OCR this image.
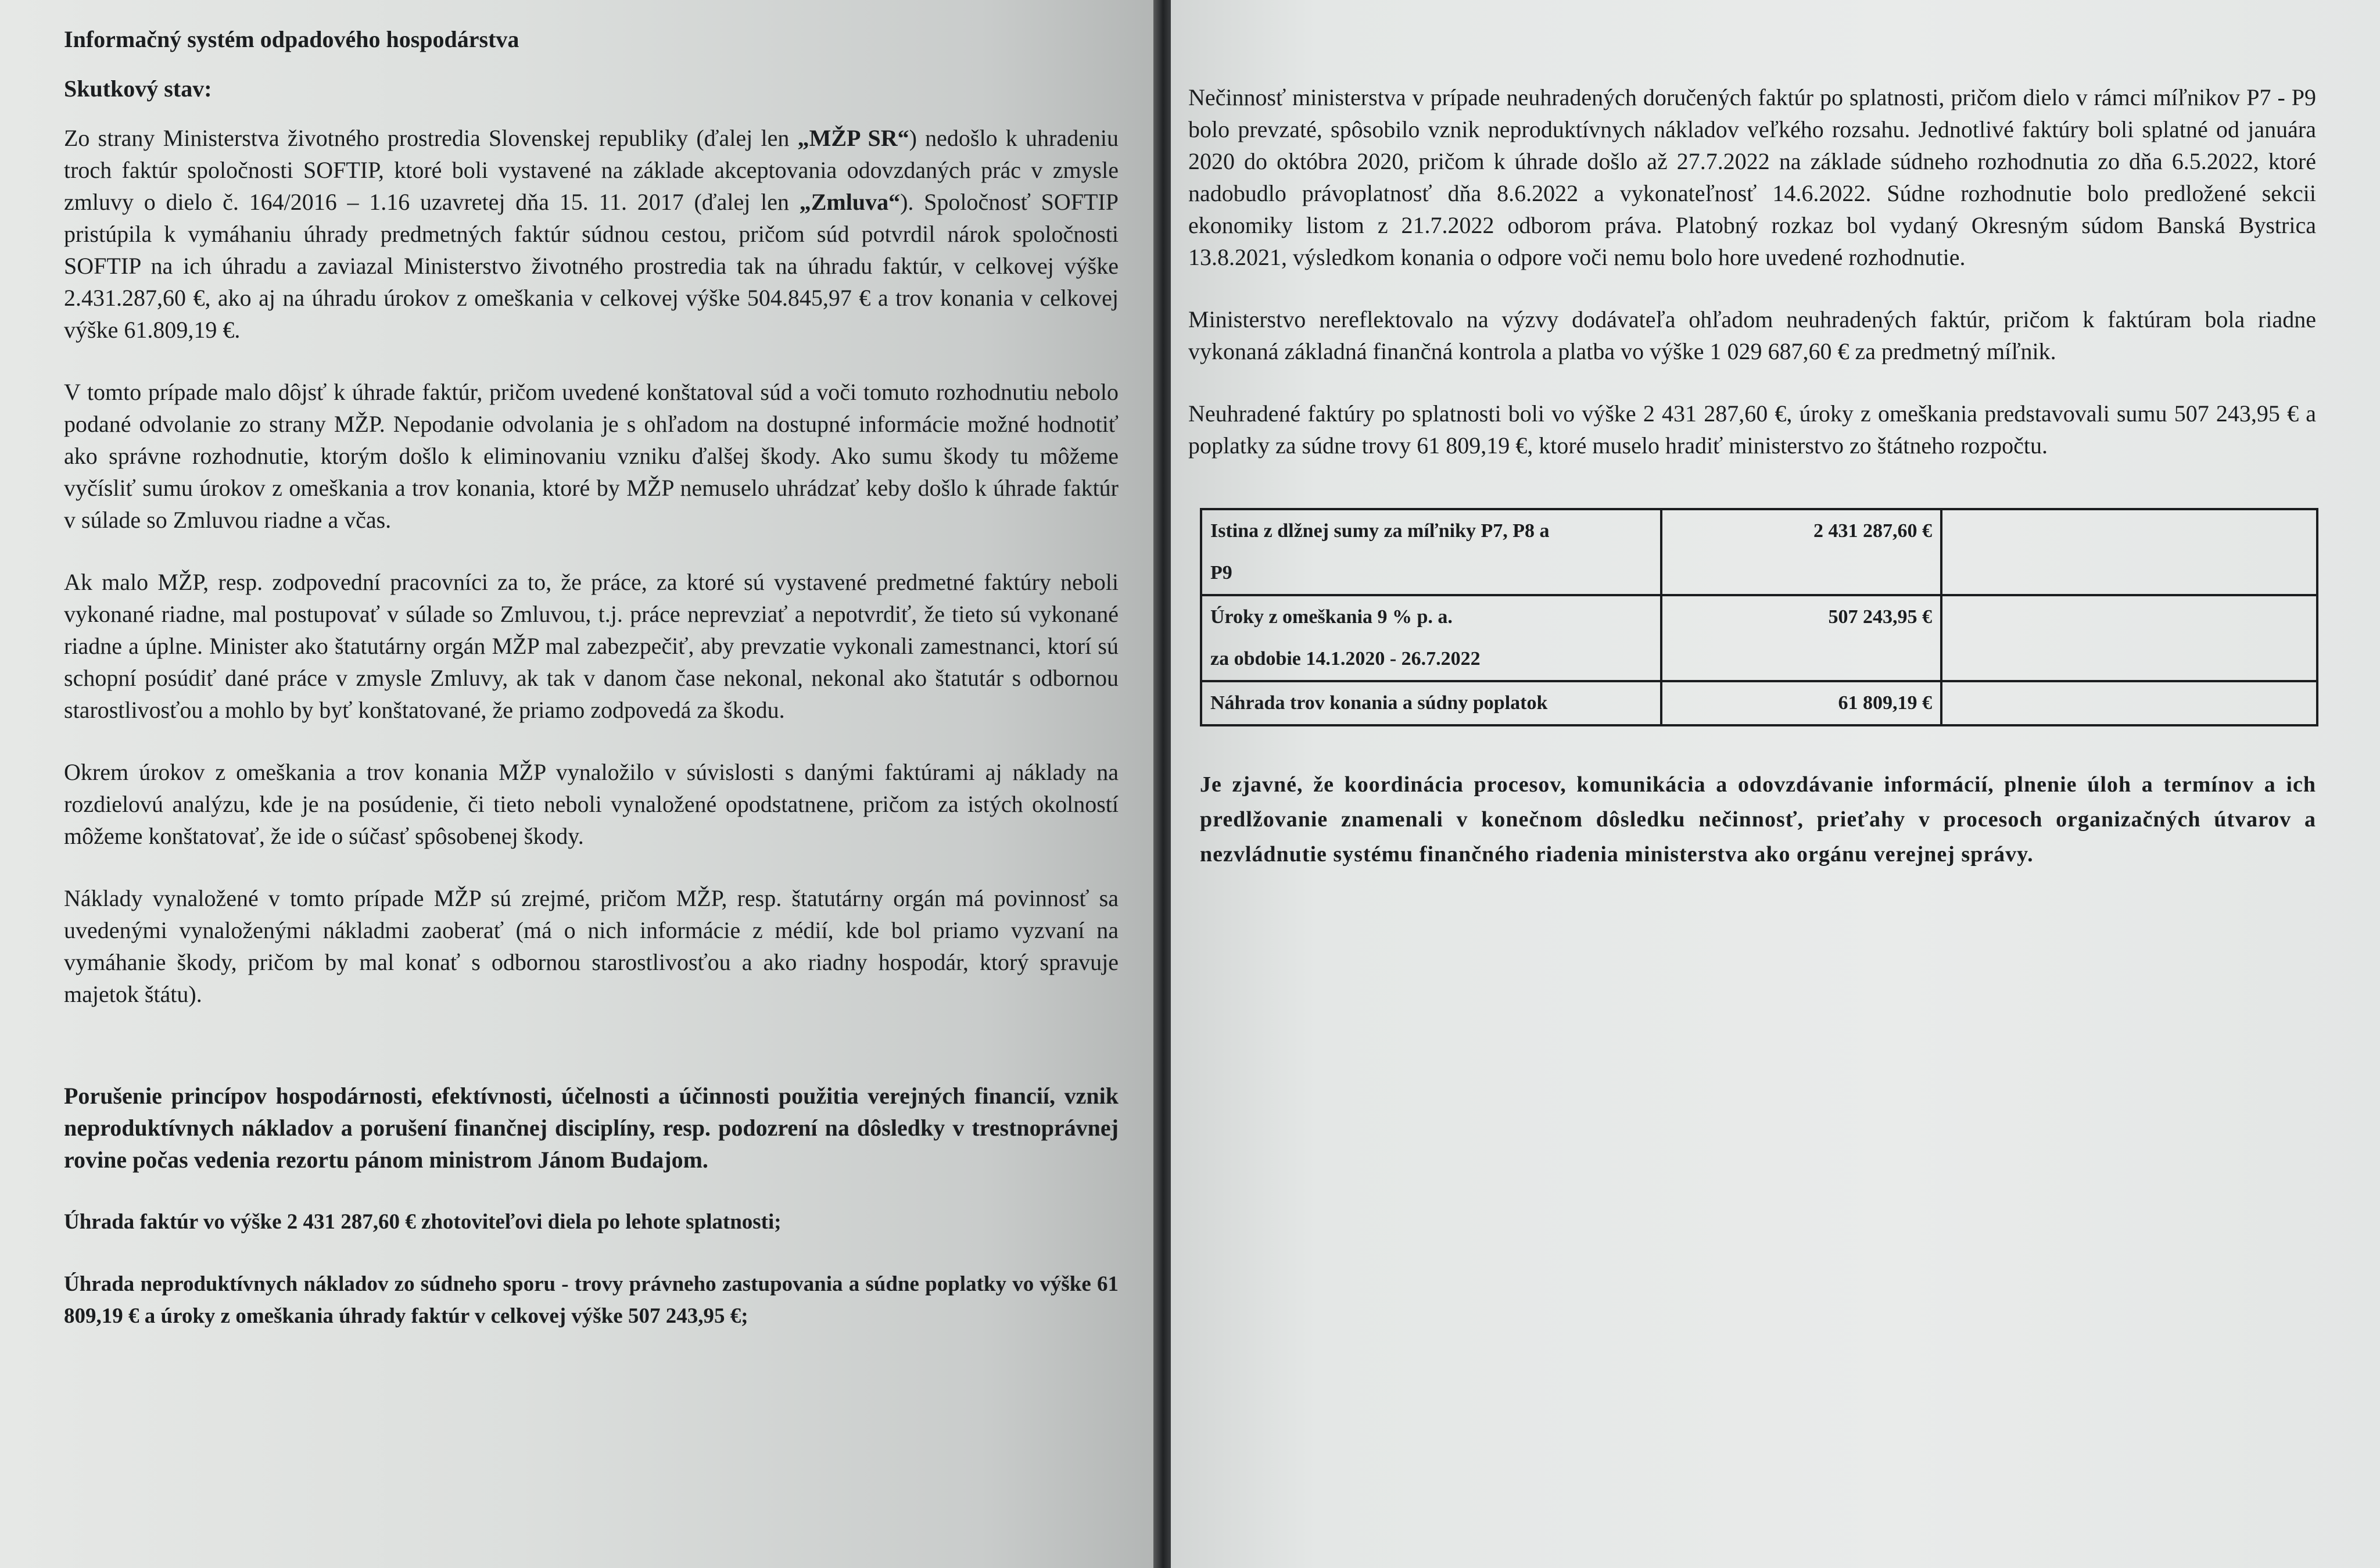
Informačný systém odpadového hospodárstva
Skutkový stav:

Zo strany Ministerstva životného prostredia Slovenskej republiky (ďalej len „MŽP SR“) nedošlo k uhradeniu troch faktúr spoločnosti SOFTIP, ktoré boli vystavené na základe akceptovania odovzdaných prác v zmysle zmluvy o dielo č. 164/2016 – 1.16 uzavretej dňa 15. 11. 2017 (ďalej len „Zmluva“). Spoločnosť SOFTIP pristúpila k vymáhaniu úhrady predmetných faktúr súdnou cestou, pričom súd potvrdil nárok spoločnosti SOFTIP na ich úhradu a zaviazal Ministerstvo životného prostredia tak na úhradu faktúr, v celkovej výške 2.431.287,60 €, ako aj na úhradu úrokov z omeškania v celkovej výške 504.845,97 € a trov konania v celkovej výške 61.809,19 €.

V tomto prípade malo dôjsť k úhrade faktúr, pričom uvedené konštatoval súd a voči tomuto rozhodnutiu nebolo podané odvolanie zo strany MŽP. Nepodanie odvolania je s ohľadom na dostupné informácie možné hodnotiť ako správne rozhodnutie, ktorým došlo k eliminovaniu vzniku ďalšej škody. Ako sumu škody tu môžeme vyčísliť sumu úrokov z omeškania a trov konania, ktoré by MŽP nemuselo uhrádzať keby došlo k úhrade faktúr v súlade so Zmluvou riadne a včas.

Ak malo MŽP, resp. zodpovední pracovníci za to, že práce, za ktoré sú vystavené predmetné faktúry neboli vykonané riadne, mal postupovať v súlade so Zmluvou, t.j. práce neprevziať a nepotvrdiť, že tieto sú vykonané riadne a úplne. Minister ako štatutárny orgán MŽP mal zabezpečiť, aby prevzatie vykonali zamestnanci, ktorí sú schopní posúdiť dané práce v zmysle Zmluvy, ak tak v danom čase nekonal, nekonal ako štatutár s odbornou starostlivosťou a mohlo by byť konštatované, že priamo zodpovedá za škodu.

Okrem úrokov z omeškania a trov konania MŽP vynaložilo v súvislosti s danými faktúrami aj náklady na rozdielovú analýzu, kde je na posúdenie, či tieto neboli vynaložené opodstatnene, pričom za istých okolností môžeme konštatovať, že ide o súčasť spôsobenej škody.

Náklady vynaložené v tomto prípade MŽP sú zrejmé, pričom MŽP, resp. štatutárny orgán má povinnosť sa uvedenými vynaloženými nákladmi zaoberať (má o nich informácie z médií, kde bol priamo vyzvaní na vymáhanie škody, pričom by mal konať s odbornou starostlivosťou a ako riadny hospodár, ktorý spravuje majetok štátu).

Porušenie princípov hospodárnosti, efektívnosti, účelnosti a účinnosti použitia verejných financií, vznik neproduktívnych nákladov a porušení finančnej disciplíny, resp. podozrení na dôsledky v trestnoprávnej rovine počas vedenia rezortu pánom ministrom Jánom Budajom.

Úhrada faktúr vo výške 2 431 287,60 € zhotoviteľovi diela po lehote splatnosti;

Úhrada neproduktívnych nákladov zo súdneho sporu - trovy právneho zastupovania a súdne poplatky vo výške 61 809,19 € a úroky z omeškania úhrady faktúr v celkovej výške 507 243,95 €;

Nečinnosť ministerstva v prípade neuhradených doručených faktúr po splatnosti, pričom dielo v rámci míľnikov P7 - P9 bolo prevzaté, spôsobilo vznik neproduktívnych nákladov veľkého rozsahu. Jednotlivé faktúry boli splatné od januára 2020 do októbra 2020, pričom k úhrade došlo až 27.7.2022 na základe súdneho rozhodnutia zo dňa 6.5.2022, ktoré nadobudlo právoplatnosť dňa 8.6.2022 a vykonateľnosť 14.6.2022. Súdne rozhodnutie bolo predložené sekcii ekonomiky listom z 21.7.2022 odborom práva. Platobný rozkaz bol vydaný Okresným súdom Banská Bystrica 13.8.2021, výsledkom konania o odpore voči nemu bolo hore uvedené rozhodnutie.

Ministerstvo nereflektovalo na výzvy dodávateľa ohľadom neuhradených faktúr, pričom k faktúram bola riadne vykonaná základná finančná kontrola a platba vo výške 1 029 687,60 € za predmetný míľnik.

Neuhradené faktúry po splatnosti boli vo výške 2 431 287,60 €, úroky z omeškania predstavovali sumu 507 243,95 € a poplatky za súdne trovy 61 809,19 €, ktoré muselo hradiť ministerstvo zo štátneho rozpočtu.

Istina z dlžnej sumy za míľniky P7, P8 a
P9	2 431 287,60 €	
Úroky z omeškania 9 % p. a.
za obdobie 14.1.2020 - 26.7.2022	507 243,95 €	
Náhrada trov konania a súdny poplatok	61 809,19 €	

Je zjavné, že koordinácia procesov, komunikácia a odovzdávanie informácií, plnenie úloh a termínov a ich predlžovanie znamenali v konečnom dôsledku nečinnosť, prieťahy v procesoch organizačných útvarov a nezvládnutie systému finančného riadenia ministerstva ako orgánu verejnej správy.
